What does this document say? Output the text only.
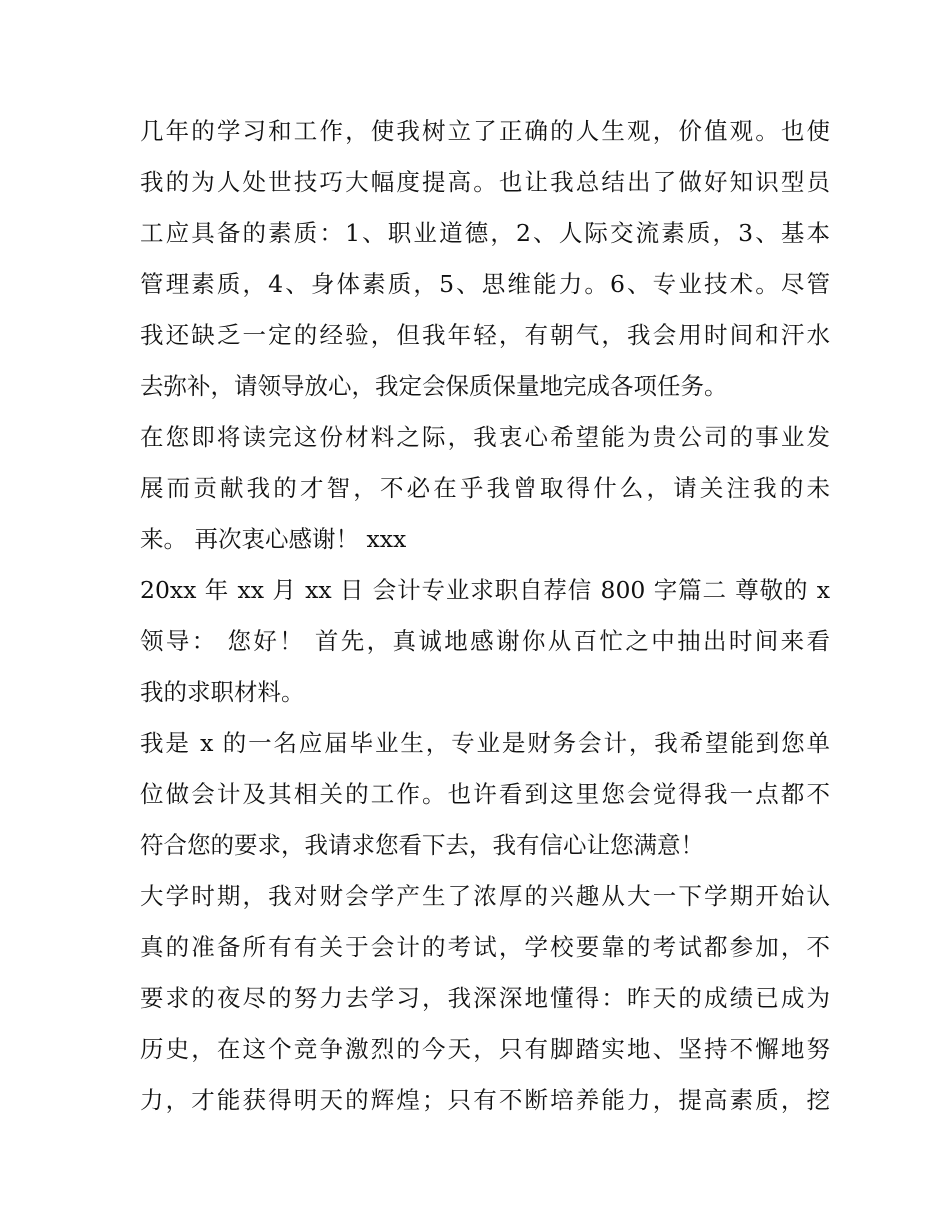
几年的学习和工作，使我树立了正确的人生观，价值观。也使
我的为人处世技巧大幅度提高。也让我总结出了做好知识型员
工应具备的素质：1、职业道德，2、人际交流素质，3、基本
管理素质，4、身体素质，5、思维能力。6、专业技术。尽管
我还缺乏一定的经验，但我年轻，有朝气，我会用时间和汗水
去弥补，请领导放心，我定会保质保量地完成各项任务。

在您即将读完这份材料之际，我衷心希望能为贵公司的事业发
展而贡献我的才智，不必在乎我曾取得什么，请关注我的未
来。 再次衷心感谢！ xxx

20xx 年 xx 月 xx 日 会计专业求职自荐信 800 字篇二 尊敬的 x
领导： 您好！ 首先，真诚地感谢你从百忙之中抽出时间来看
我的求职材料。

我是 x 的一名应届毕业生，专业是财务会计，我希望能到您单
位做会计及其相关的工作。也许看到这里您会觉得我一点都不
符合您的要求，我请求您看下去，我有信心让您满意！

大学时期，我对财会学产生了浓厚的兴趣从大一下学期开始认
真的准备所有有关于会计的考试，学校要靠的考试都参加，不
要求的夜尽的努力去学习，我深深地懂得：昨天的成绩已成为
历史，在这个竞争激烈的今天，只有脚踏实地、坚持不懈地努
力，才能获得明天的辉煌；只有不断培养能力，提高素质，挖
